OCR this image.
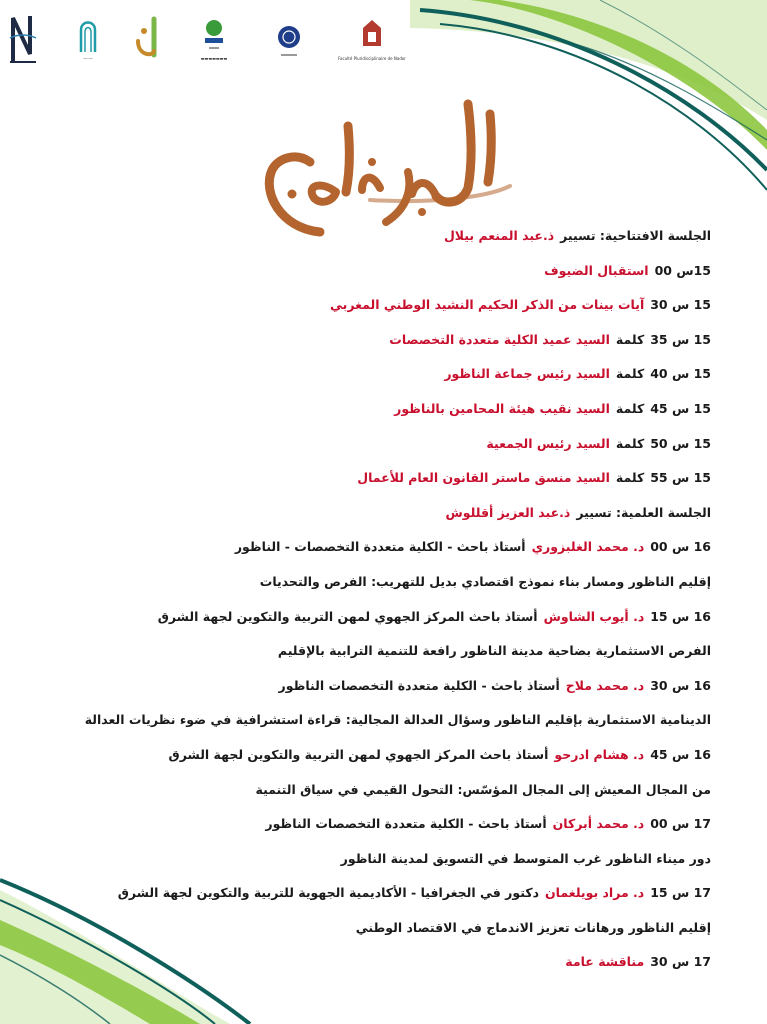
― ―	▬▬▬▬▬▬▬	Faculté Pluridisciplinaire de Nador
الجلسة الافتتاحية: تسييرذ.عبد المنعم بيلال
15س 00استقبال الضيوف
15 س 30آيات بينات من الذكر الحكيم النشيد الوطني المغربي
15 س 35كلمةالسيد عميد الكلية متعددة التخصصات
15 س 40كلمةالسيد رئيس جماعة الناظور
15 س 45كلمةالسيد نقيب هيئة المحامين بالناظور
15 س 50كلمةالسيد رئيس الجمعية
15 س 55كلمةالسيد منسق ماستر القانون العام للأعمال
الجلسة العلمية: تسييرذ.عبد العزيز أقللوش
16 س 00د. محمد الغلبزوريأستاذ باحث - الكلية متعددة التخصصات - الناظور
إقليم الناظور ومسار بناء نموذج اقتصادي بديل للتهريب: الفرص والتحديات
16 س 15د. أيوب الشاوشأستاذ باحث المركز الجهوي لمهن التربية والتكوين لجهة الشرق
الفرص الاستثمارية بضاحية مدينة الناظور رافعة للتنمية الترابية بالإقليم
16 س 30د. محمد ملاحأستاذ باحث - الكلية متعددة التخصصات الناظور
الدينامية الاستثمارية بإقليم الناظور وسؤال العدالة المجالية: قراءة استشرافية في ضوء نظريات العدالة
16 س 45د. هشام ادرحوأستاذ باحث المركز الجهوي لمهن التربية والتكوين لجهة الشرق
من المجال المعيش إلى المجال المؤسّس: التحول القيمي في سياق التنمية
17 س 00د. محمد أبركانأستاذ باحث - الكلية متعددة التخصصات الناظور
دور ميناء الناظور غرب المتوسط في التسويق لمدينة الناظور
17 س 15د. مراد بويلغماندكتور في الجغرافيا - الأكاديمية الجهوية للتربية والتكوين لجهة الشرق
إقليم الناظور ورهانات تعزيز الاندماج في الاقتصاد الوطني
17 س 30مناقشة عامة
